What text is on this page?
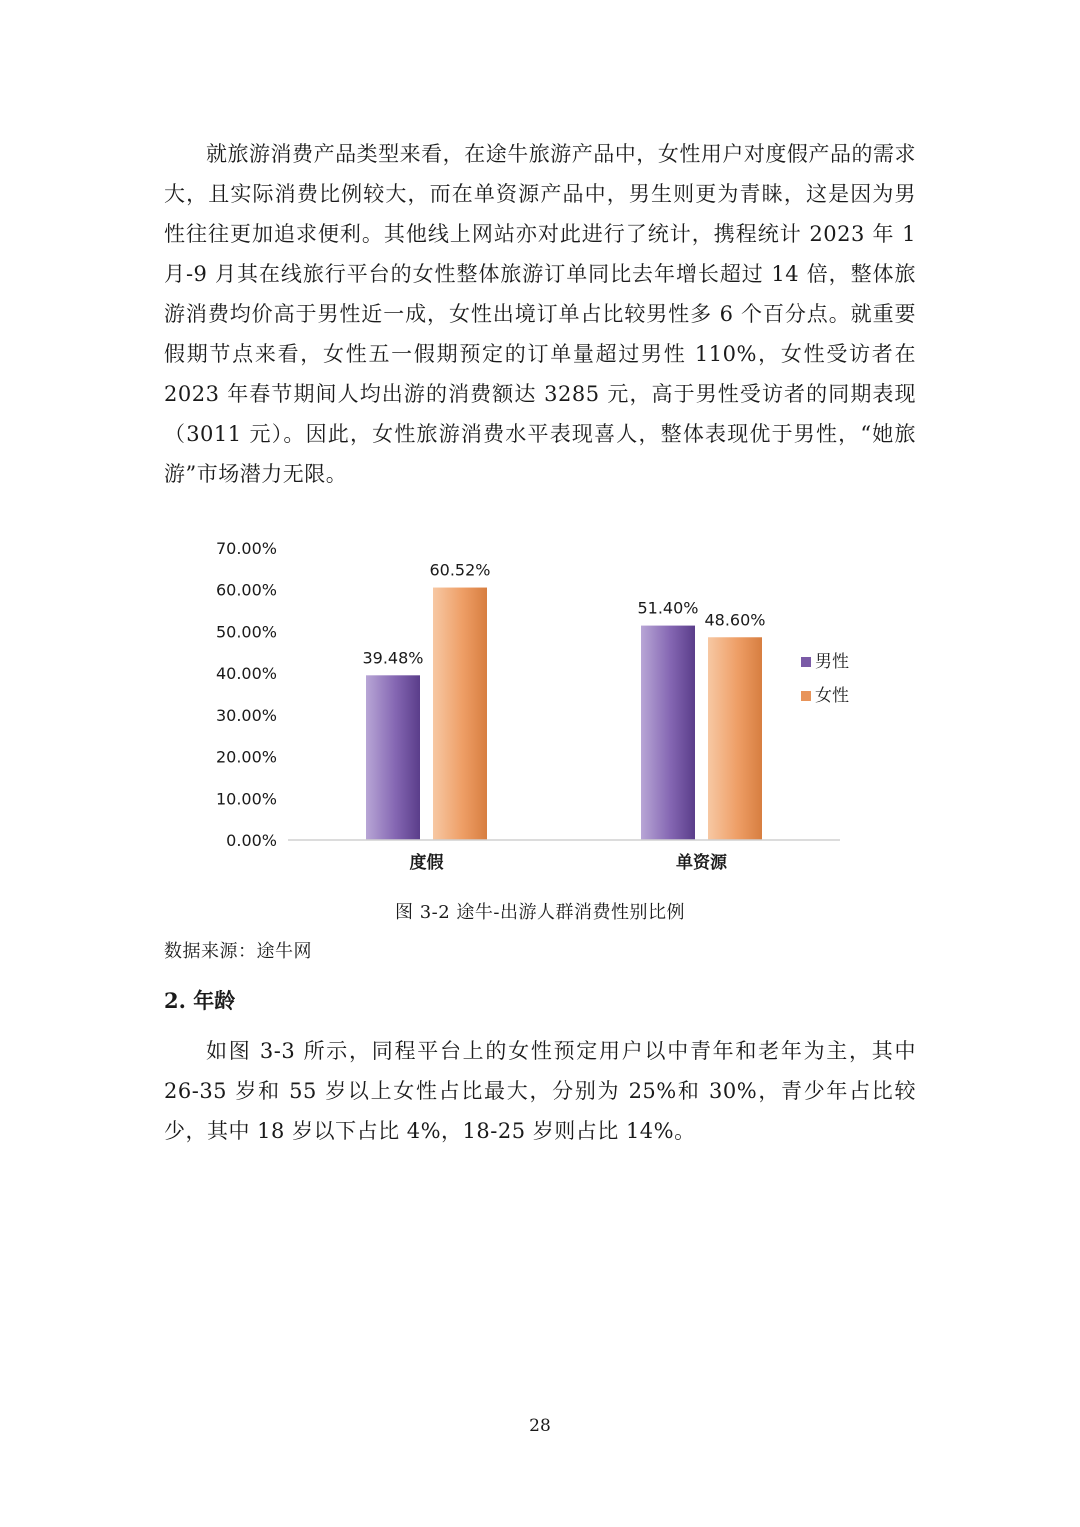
就旅游消费产品类型来看，在途牛旅游产品中，女性用户对度假产品的需求大，且实际消费比例较大，而在单资源产品中，男生则更为青睐，这是因为男性往往更加追求便利。其他线上网站亦对此进行了统计，携程统计 2023 年 1 月-9 月其在线旅行平台的女性整体旅游订单同比去年增长超过 14 倍，整体旅游消费均价高于男性近一成，女性出境订单占比较男性多 6 个百分点。就重要假期节点来看，女性五一假期预定的订单量超过男性 110%，女性受访者在 2023 年春节期间人均出游的消费额达 3285 元，高于男性受访者的同期表现（3011 元）。因此，女性旅游消费水平表现喜人，整体表现优于男性，“她旅游”市场潜力无限。

0.00%
10.00%
20.00%
30.00%
40.00%
50.00%
60.00%
70.00%
39.48%
60.52%
51.40%
48.60%
度假	单资源
男性
女性
图 3-2 途牛-出游人群消费性别比例
数据来源：途牛网
2. 年龄

如图 3-3 所示，同程平台上的女性预定用户以中青年和老年为主，其中 26-35 岁和 55 岁以上女性占比最大，分别为 25%和 30%，青少年占比较少，其中 18 岁以下占比 4%，18-25 岁则占比 14%。

28
